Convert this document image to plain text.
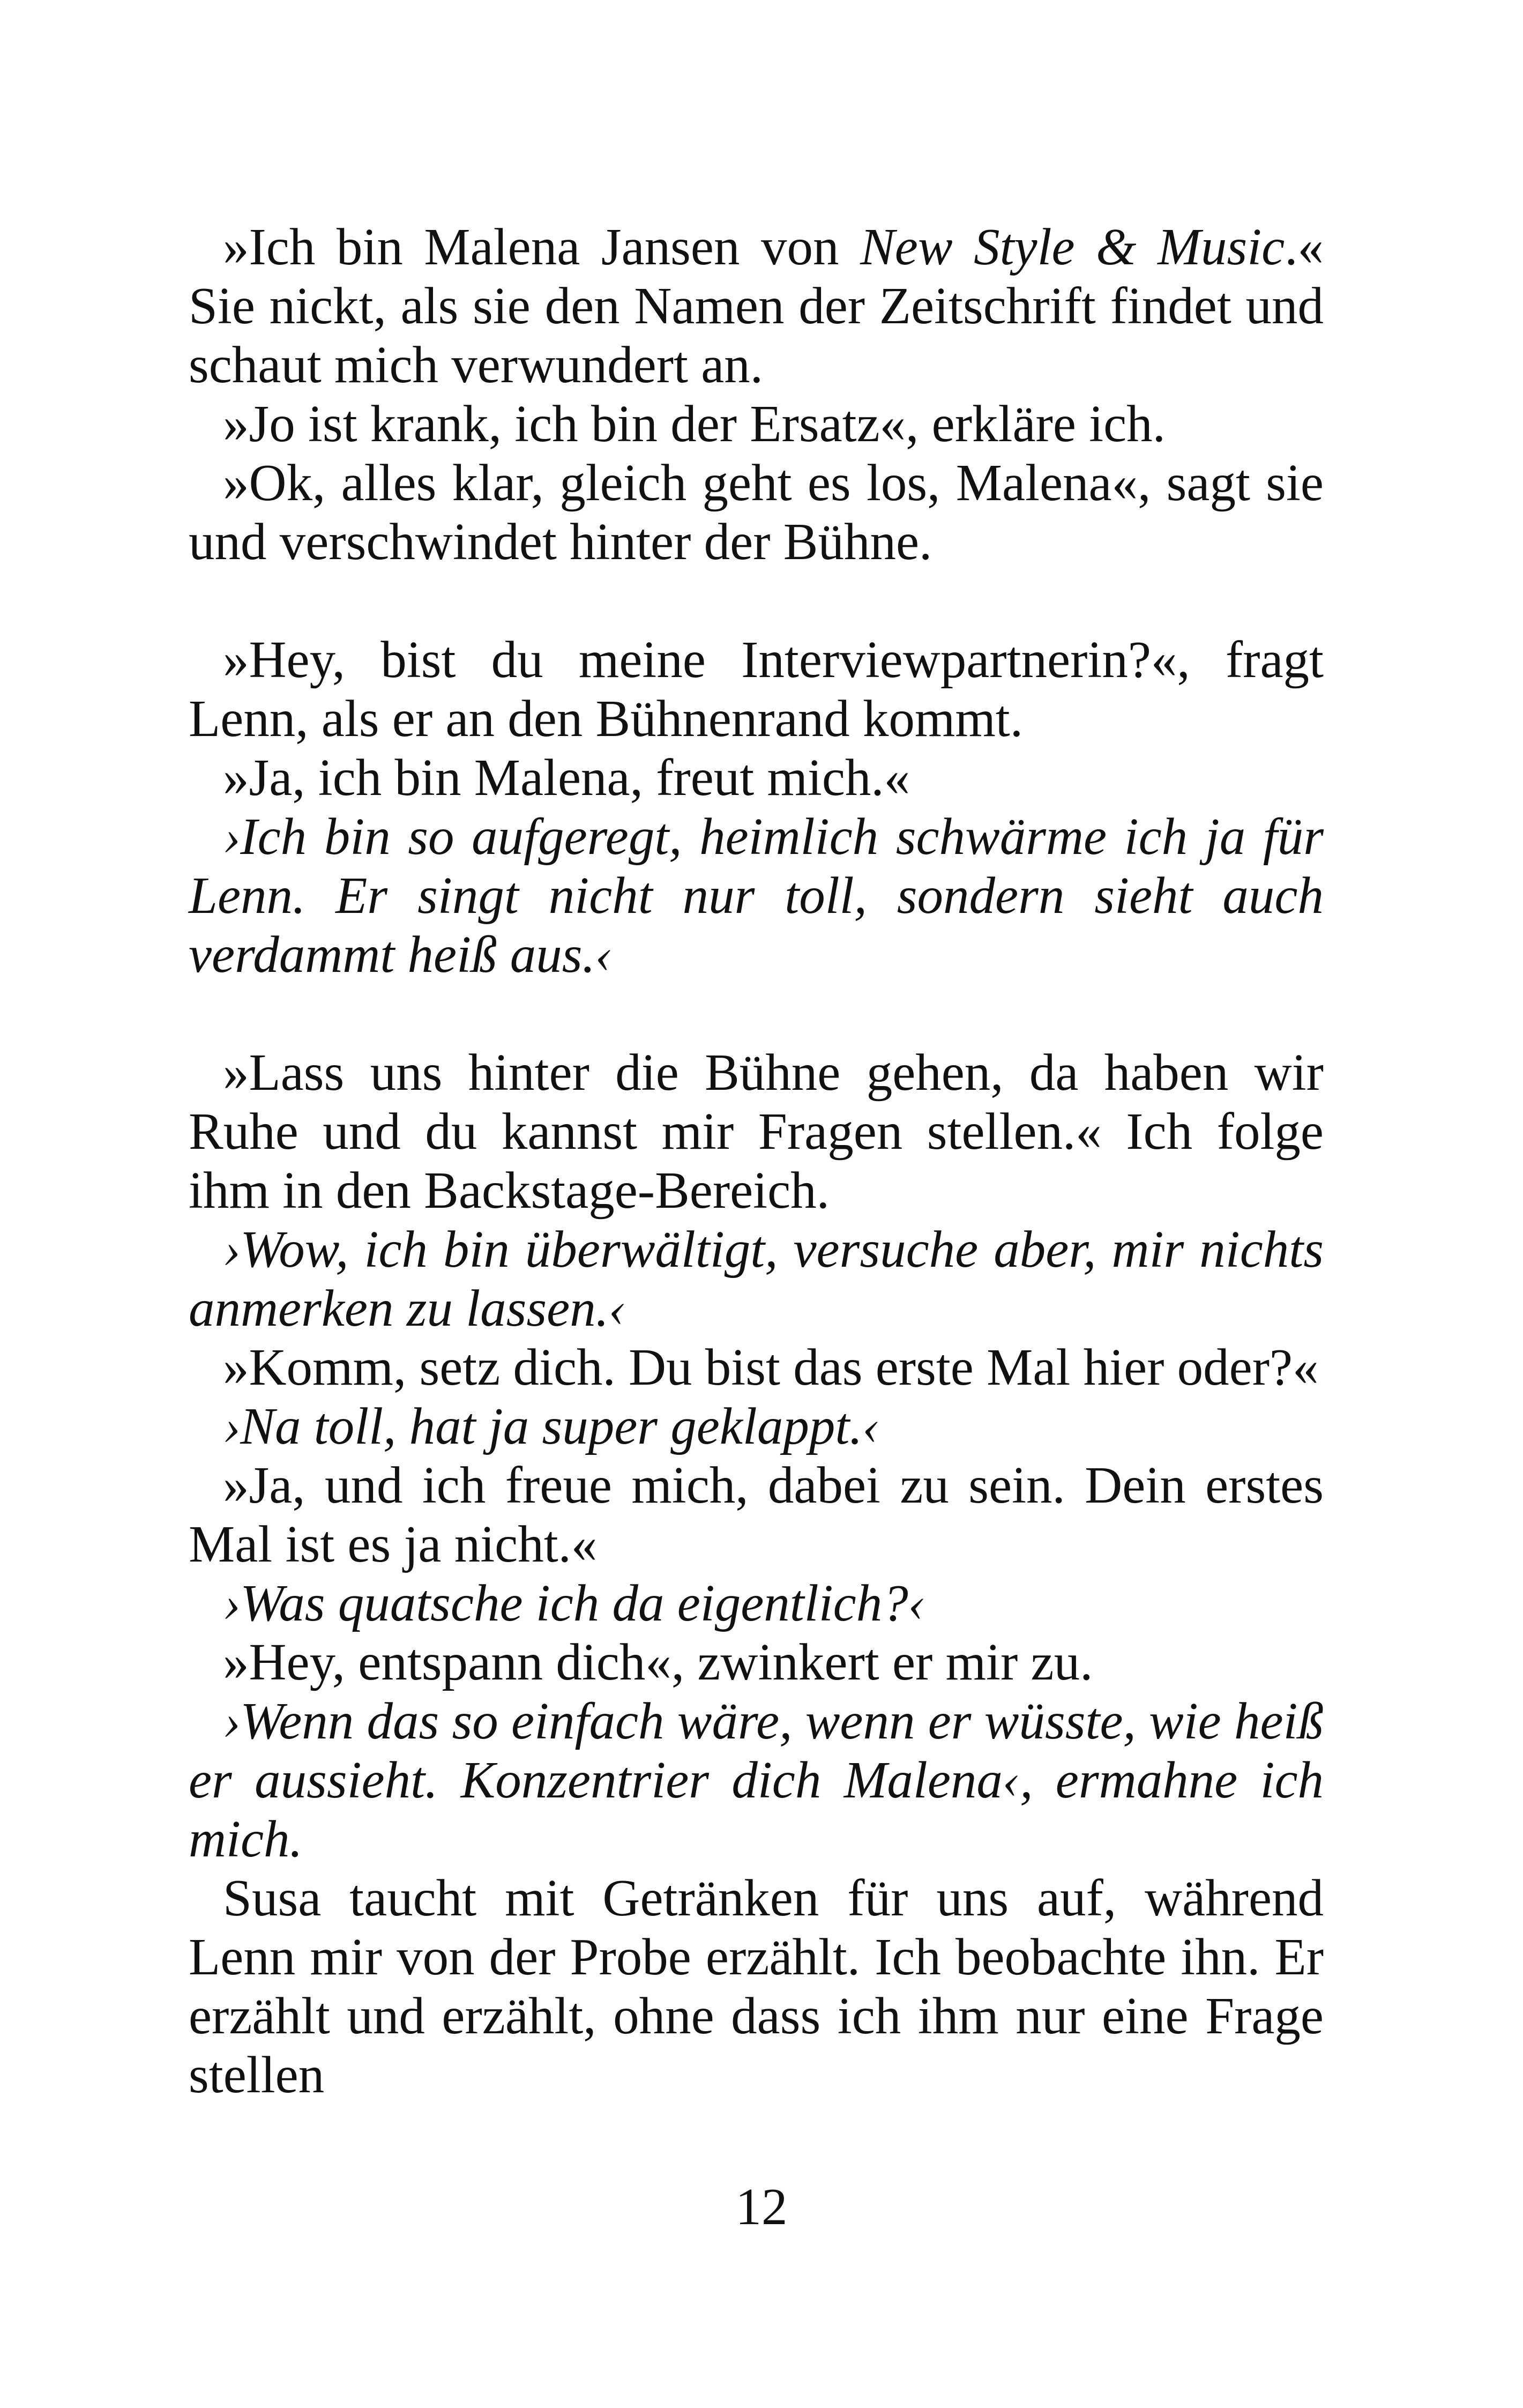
»Ich bin Malena Jansen von New Style & Music.« Sie nickt, als sie den Namen der Zeitschrift findet und schaut mich verwundert an.

»Jo ist krank, ich bin der Ersatz«, erkläre ich.

»Ok, alles klar, gleich geht es los, Malena«, sagt sie und verschwindet hinter der Bühne.

»Hey, bist du meine Interviewpartnerin?«, fragt Lenn, als er an den Bühnenrand kommt.

»Ja, ich bin Malena, freut mich.«

›Ich bin so aufgeregt, heimlich schwärme ich ja für Lenn. Er singt nicht nur toll, sondern sieht auch verdammt heiß aus.‹

»Lass uns hinter die Bühne gehen, da haben wir Ruhe und du kannst mir Fragen stellen.« Ich folge ihm in den Backstage-Bereich.

›Wow, ich bin überwältigt, versuche aber, mir nichts anmerken zu lassen.‹

»Komm, setz dich. Du bist das erste Mal hier oder?«

›Na toll, hat ja super geklappt.‹

»Ja, und ich freue mich, dabei zu sein. Dein erstes Mal ist es ja nicht.«

›Was quatsche ich da eigentlich?‹

»Hey, entspann dich«, zwinkert er mir zu.

›Wenn das so einfach wäre, wenn er wüsste, wie heiß er aussieht. Konzentrier dich Malena‹, ermahne ich mich.

Susa taucht mit Getränken für uns auf, während Lenn mir von der Probe erzählt. Ich beobachte ihn. Er erzählt und erzählt, ohne dass ich ihm nur eine Frage stellen

12
